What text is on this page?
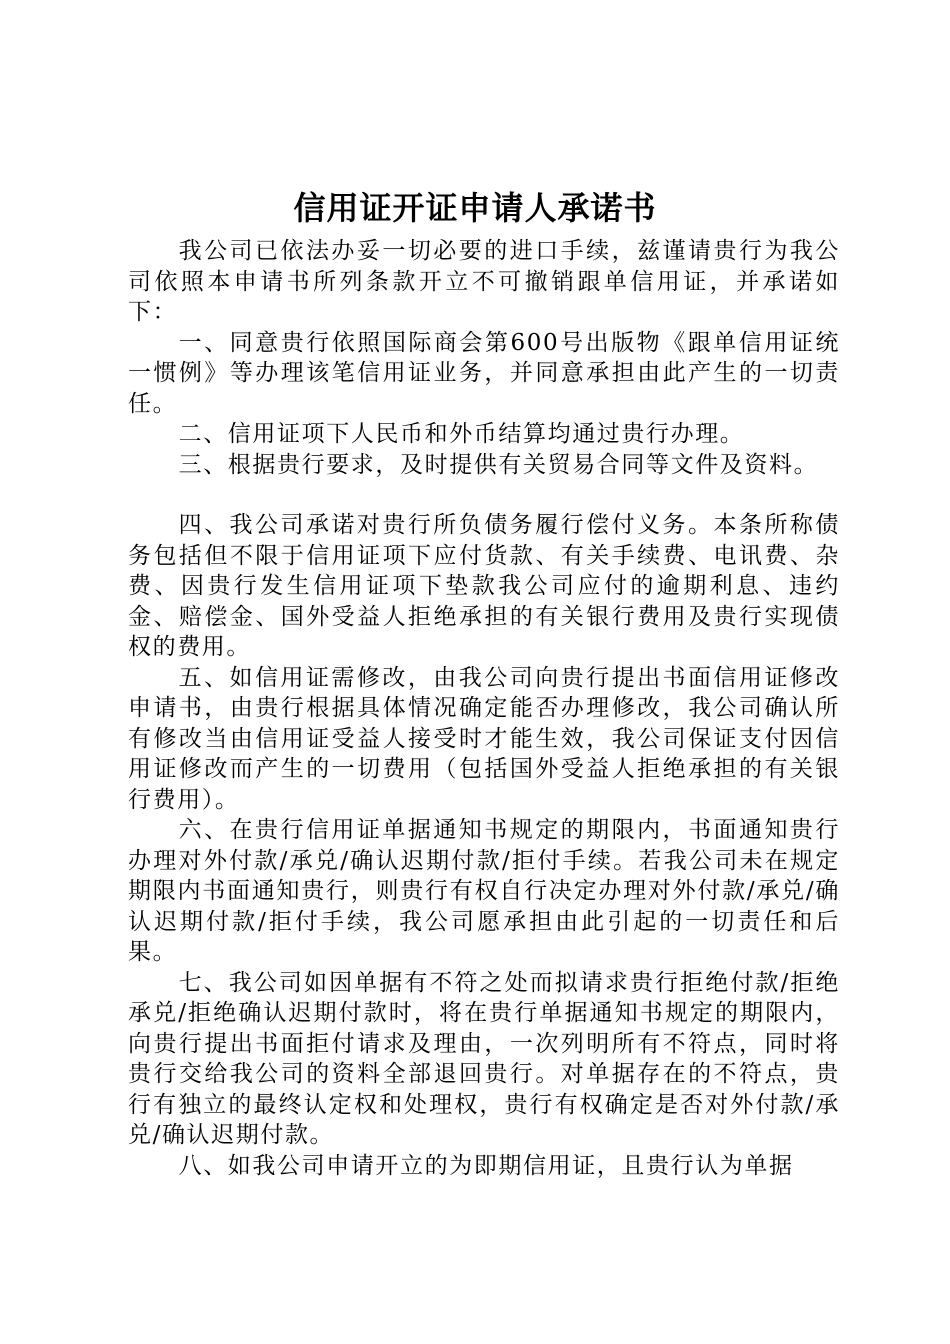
信用证开证申请人承诺书

我公司已依法办妥一切必要的进口手续，兹谨请贵行为我公司依照本申请书所列条款开立不可撤销跟单信用证，并承诺如下：

一、同意贵行依照国际商会第600号出版物《跟单信用证统一惯例》等办理该笔信用证业务，并同意承担由此产生的一切责任。

二、信用证项下人民币和外币结算均通过贵行办理。

三、根据贵行要求，及时提供有关贸易合同等文件及资料。

四、我公司承诺对贵行所负债务履行偿付义务。本条所称债务包括但不限于信用证项下应付货款、有关手续费、电讯费、杂费、因贵行发生信用证项下垫款我公司应付的逾期利息、违约金、赔偿金、国外受益人拒绝承担的有关银行费用及贵行实现债权的费用。

五、如信用证需修改，由我公司向贵行提出书面信用证修改申请书，由贵行根据具体情况确定能否办理修改，我公司确认所有修改当由信用证受益人接受时才能生效，我公司保证支付因信用证修改而产生的一切费用（包括国外受益人拒绝承担的有关银行费用）。

六、在贵行信用证单据通知书规定的期限内，书面通知贵行办理对外付款/承兑/确认迟期付款/拒付手续。若我公司未在规定期限内书面通知贵行，则贵行有权自行决定办理对外付款/承兑/确认迟期付款/拒付手续，我公司愿承担由此引起的一切责任和后果。

七、我公司如因单据有不符之处而拟请求贵行拒绝付款/拒绝承兑/拒绝确认迟期付款时，将在贵行单据通知书规定的期限内，向贵行提出书面拒付请求及理由，一次列明所有不符点，同时将贵行交给我公司的资料全部退回贵行。对单据存在的不符点，贵行有独立的最终认定权和处理权，贵行有权确定是否对外付款/承兑/确认迟期付款。

八、如我公司申请开立的为即期信用证，且贵行认为单据
